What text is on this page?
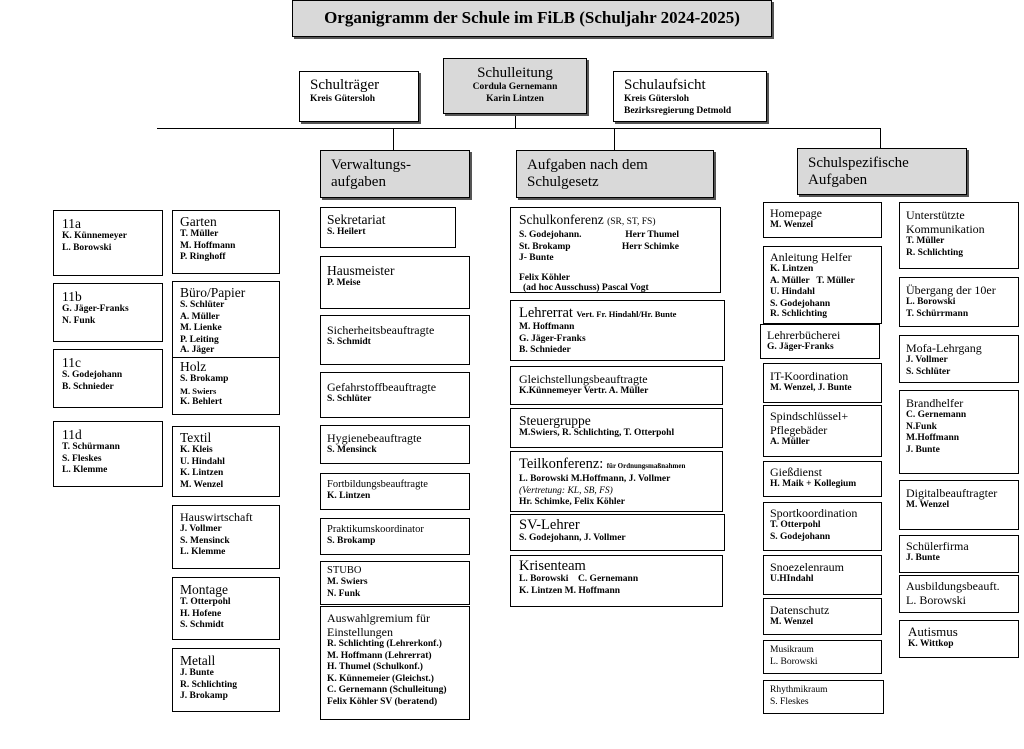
Organigramm der Schule im FiLB (Schuljahr 2024-2025)
Schulträger
Kreis Gütersloh
Schulleitung
Cordula Gernemann
Karin Lintzen
Schulaufsicht
Kreis Gütersloh
Bezirksregierung Detmold
Verwaltungs-
aufgaben
Aufgaben nach dem
Schulgesetz
Schulspezifische
Aufgaben
11a
K. Künnemeyer
L. Borowski
11b
G. Jäger-Franks
N. Funk
11c
S. Godejohann
B. Schnieder
11d
T. Schürmann
S. Fleskes
L. Klemme
Garten
T. Müller
M. Hoffmann
P. Ringhoff
Büro/Papier
S. Schlüter
A. Müller
M. Lienke
P. Leiting
A. Jäger
Holz
S. Brokamp
M. Swiers
K. Behlert
Textil
K. Kleis
U. Hindahl
K. Lintzen
M. Wenzel
Hauswirtschaft
J. Vollmer
S. Mensinck
L. Klemme
Montage
T. Otterpohl
H. Hofene
S. Schmidt
Metall
J. Bunte
R. Schlichting
J. Brokamp
Sekretariat
S. Heilert
Hausmeister
P. Meise
Sicherheitsbeauftragte
S. Schmidt
Gefahrstoffbeauftragte
S. Schlüter
Hygienebeauftragte
S. Mensinck
Fortbildungsbeauftragte
K. Lintzen
Praktikumskoordinator
S. Brokamp
STUBO
M. Swiers
N. Funk
Auswahlgremium für Einstellungen
R. Schlichting (Lehrerkonf.)
M. Hoffmann (Lehrerrat)
H. Thumel (Schulkonf.)
K. Künnemeier (Gleichst.)
C. Gernemann (Schulleitung)
Felix Köhler SV (beratend)
Schulkonferenz (SR, ST, FS)
S. Godejohann.	Herr Thumel
St. Brokamp	Herr Schimke
J- Bunte
Felix Köhler
(ad hoc Ausschuss) Pascal Vogt
Lehrerrat Vert. Fr. Hindahl/Hr. Bunte
M. Hoffmann
G. Jäger-Franks
B. Schnieder
Gleichstellungsbeauftragte
K.Künnemeyer Vertr. A. Müller
Steuergruppe
M.Swiers, R. Schlichting, T. Otterpohl
Teilkonferenz: für Ordnungsmaßnahmen
L. Borowski M.Hoffmann, J. Vollmer
(Vertretung: KL, SB, FS)
Hr. Schimke, Felix Köhler
SV-Lehrer
S. Godejohann, J. Vollmer
Krisenteam
L. Borowski    C. Gernemann
K. Lintzen M. Hoffmann
Homepage
M. Wenzel
Anleitung Helfer
K. Lintzen
A. Müller   T. Müller
U. Hindahl
S. Godejohann
R. Schlichting
Lehrerbücherei
G. Jäger-Franks
IT-Koordination
M. Wenzel, J. Bunte
Spindschlüssel+ Pflegebäder
A. Müller
Gießdienst
H. Maik + Kollegium
Sportkoordination
T. Otterpohl
S. Godejohann
Snoezelenraum
U.HIndahl
Datenschutz
M. Wenzel
Musikraum
L. Borowski
Rhythmikraum
S. Fleskes
Unterstützte Kommunikation
T. Müller
R. Schlichting
Übergang der 10er
L. Borowski
T. Schürrmann
Mofa-Lehrgang
J. Vollmer
S. Schlüter
Brandhelfer
C. Gernemann
N.Funk
M.Hoffmann
J. Bunte
Digitalbeauftragter
M. Wenzel
Schülerfirma
J. Bunte
Ausbildungsbeauft.
L. Borowski
Autismus
K. Wittkop
